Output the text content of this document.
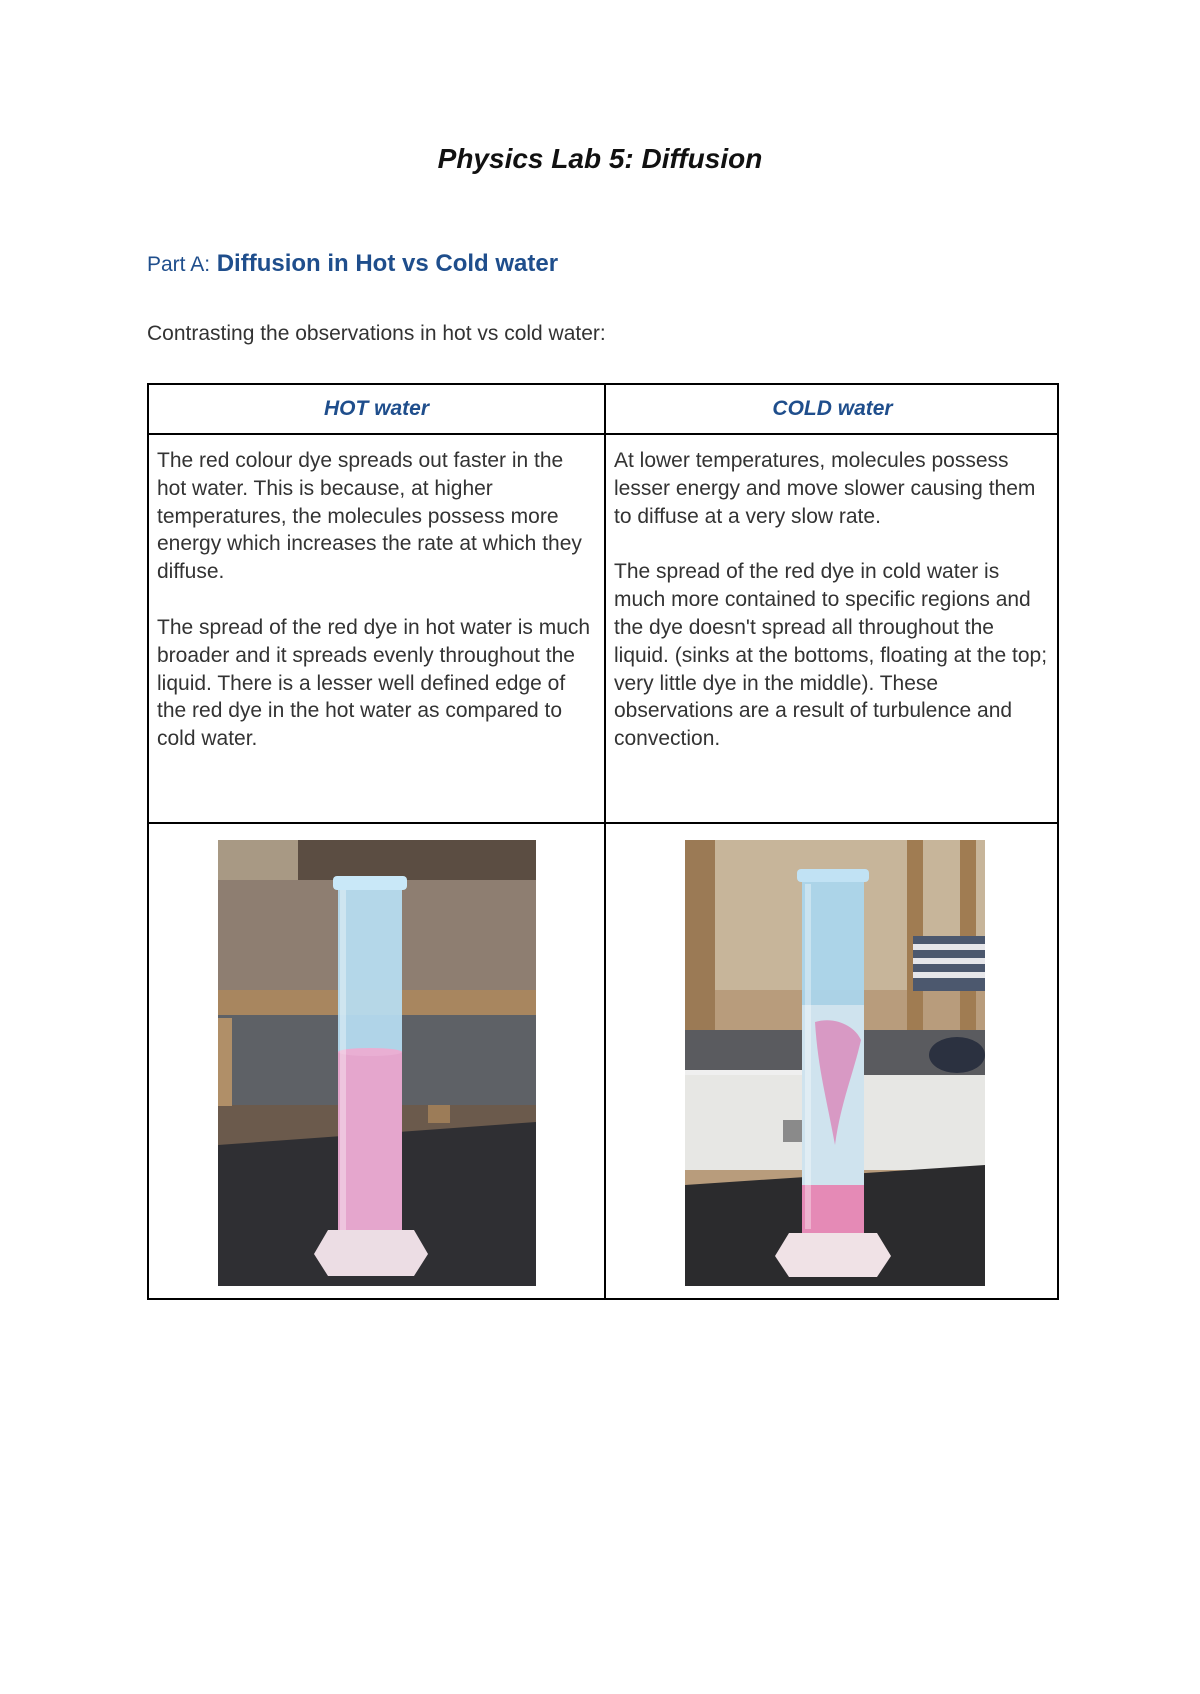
Physics Lab 5: Diffusion
Part A: Diffusion in Hot vs Cold water

Contrasting the observations in hot vs cold water:

HOT water	COLD water

The red colour dye spreads out faster in the hot water. This is because, at higher temperatures, the molecules possess more energy which increases the rate at which they diffuse.

The spread of the red dye in hot water is much broader and it spreads evenly throughout the liquid. There is a lesser well defined edge of the red dye in the hot water as compared to cold water.

At lower temperatures, molecules possess lesser energy and move slower causing them to diffuse at a very slow rate.

The spread of the red dye in cold water is much more contained to specific regions and the dye doesn't spread all throughout the liquid. (sinks at the bottoms, floating at the top; very little dye in the middle). These observations are a result of turbulence and convection.
